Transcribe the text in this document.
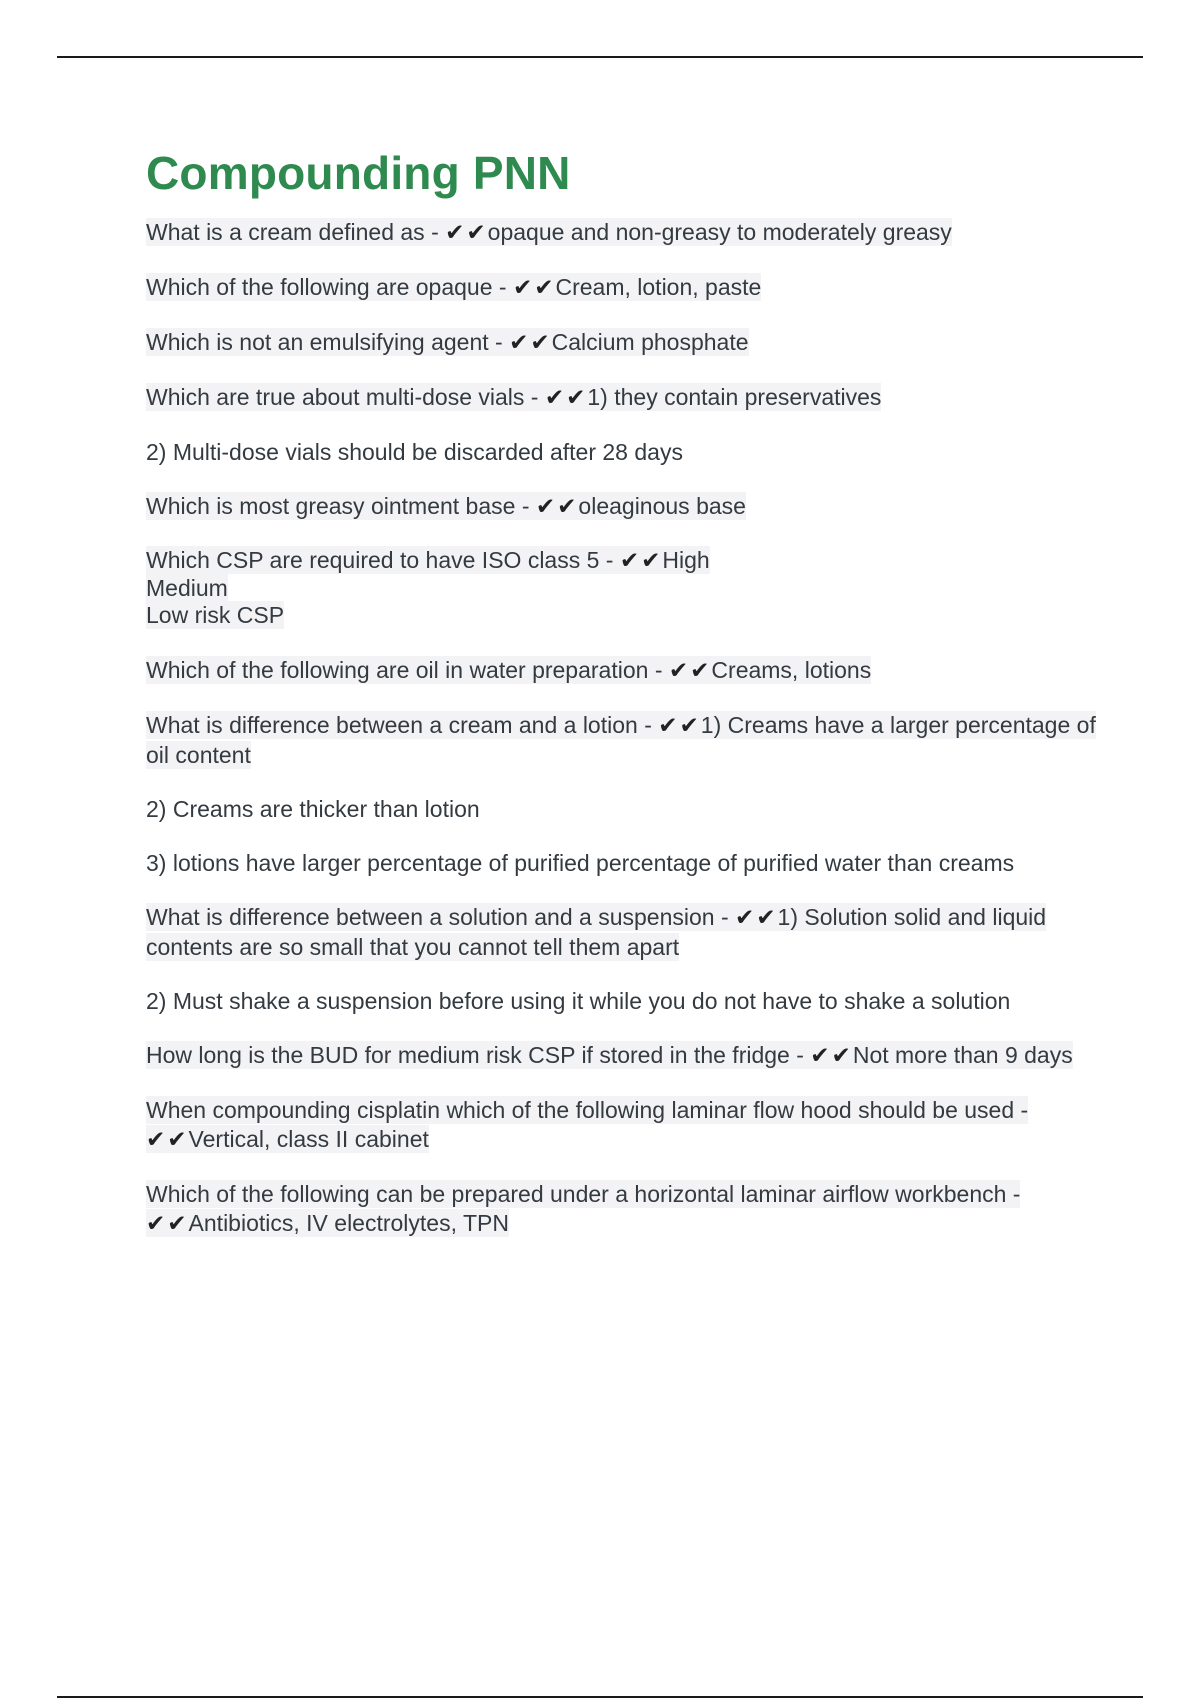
Compounding PNN

What is a cream defined as - ✔✔opaque and non-greasy to moderately greasy

Which of the following are opaque - ✔✔Cream, lotion, paste

Which is not an emulsifying agent - ✔✔Calcium phosphate

Which are true about multi-dose vials - ✔✔1) they contain preservatives

2) Multi-dose vials should be discarded after 28 days

Which is most greasy ointment base - ✔✔oleaginous base

Which CSP are required to have ISO class 5 - ✔✔High
Medium
Low risk CSP

Which of the following are oil in water preparation - ✔✔Creams, lotions

What is difference between a cream and a lotion - ✔✔1) Creams have a larger percentage of oil content

2) Creams are thicker than lotion

3) lotions have larger percentage of purified percentage of purified water than creams

What is difference between a solution and a suspension - ✔✔1) Solution solid and liquid contents are so small that you cannot tell them apart

2) Must shake a suspension before using it while you do not have to shake a solution

How long is the BUD for medium risk CSP if stored in the fridge - ✔✔Not more than 9 days

When compounding cisplatin which of the following laminar flow hood should be used - ✔✔Vertical, class II cabinet

Which of the following can be prepared under a horizontal laminar airflow workbench - ✔✔Antibiotics, IV electrolytes, TPN
